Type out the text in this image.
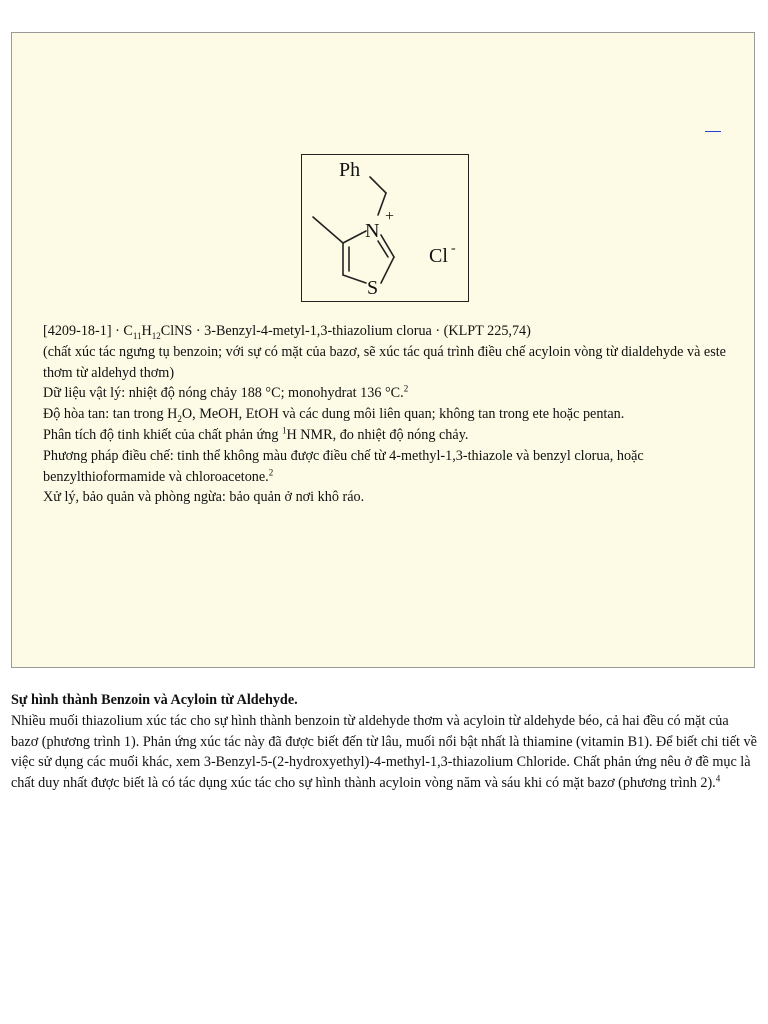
Ph
N
+
S
Cl -

$[4209-18-1] \cdot C_{11}H_{12}ClNS$ · 3-Benzyl-4-metyl-1,3-thiazolium clorua · (KLPT 225,74)

(chất xúc tác ngưng tụ benzoin; với sự có mặt của bazơ, sẽ xúc tác quá trình điều chế acyloin vòng từ dialdehyde và este thơm từ aldehyd thơm)

Dữ liệu vật lý: nhiệt độ nóng chảy 188 °C; monohydrat 136 °C.$^2$

Độ hòa tan: tan trong $H_2O$, MeOH, EtOH và các dung môi liên quan; không tan trong ete hoặc pentan.

Phân tích độ tinh khiết của chất phản ứng $^1$H NMR, đo nhiệt độ nóng chảy.

Phương pháp điều chế: tinh thể không màu được điều chế từ 4-methyl-1,3-thiazole và benzyl clorua, hoặc benzylthioformamide và chloroacetone.$^2$

Xử lý, bảo quản và phòng ngừa: bảo quản ở nơi khô ráo.

Sự hình thành Benzoin và Acyloin từ Aldehyde.

Nhiều muối thiazolium xúc tác cho sự hình thành benzoin từ aldehyde thơm và acyloin từ aldehyde béo, cả hai đều có mặt của bazơ (phương trình 1). Phản ứng xúc tác này đã được biết đến từ lâu, muối nổi bật nhất là thiamine (vitamin B1). Để biết chi tiết về việc sử dụng các muối khác, xem 3-Benzyl-5-(2-hydroxyethyl)-4-methyl-1,3-thiazolium Chloride. Chất phản ứng nêu ở đề mục là chất duy nhất được biết là có tác dụng xúc tác cho sự hình thành acyloin vòng năm và sáu khi có mặt bazơ (phương trình 2).$^4$
